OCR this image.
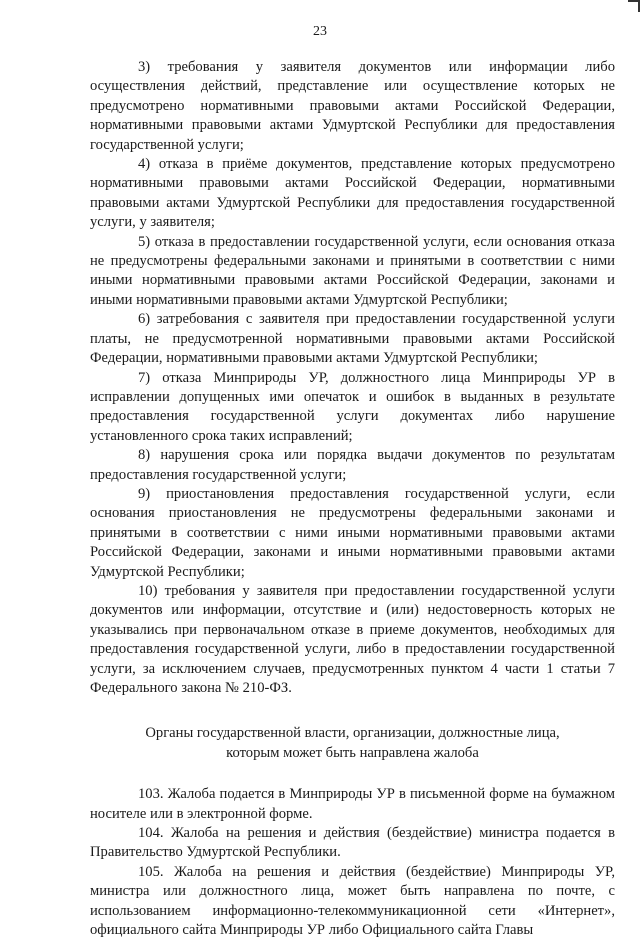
23

3) требования у заявителя документов или информации либо осуществления действий, представление или осуществление которых не предусмотрено нормативными правовыми актами Российской Федерации, нормативными правовыми актами Удмуртской Республики для предоставления государственной услуги;

4) отказа в приёме документов, представление которых предусмотрено нормативными правовыми актами Российской Федерации, нормативными правовыми актами Удмуртской Республики для предоставления государственной услуги, у заявителя;

5) отказа в предоставлении государственной услуги, если основания отказа не предусмотрены федеральными законами и принятыми в соответствии с ними иными нормативными правовыми актами Российской Федерации, законами и иными нормативными правовыми актами Удмуртской Республики;

6) затребования с заявителя при предоставлении государственной услуги платы, не предусмотренной нормативными правовыми актами Российской Федерации, нормативными правовыми актами Удмуртской Республики;

7) отказа Минприроды УР, должностного лица Минприроды УР в исправлении допущенных ими опечаток и ошибок в выданных в результате предоставления государственной услуги документах либо нарушение установленного срока таких исправлений;

8) нарушения срока или порядка выдачи документов по результатам предоставления государственной услуги;

9) приостановления предоставления государственной услуги, если основания приостановления не предусмотрены федеральными законами и принятыми в соответствии с ними иными нормативными правовыми актами Российской Федерации, законами и иными нормативными правовыми актами Удмуртской Республики;

10) требования у заявителя при предоставлении государственной услуги документов или информации, отсутствие и (или) недостоверность которых не указывались при первоначальном отказе в приеме документов, необходимых для предоставления государственной услуги, либо в предоставлении государственной услуги, за исключением случаев, предусмотренных пунктом 4 части 1 статьи 7 Федерального закона № 210-ФЗ.

Органы государственной власти, организации, должностные лица,
которым может быть направлена жалоба

103. Жалоба подается в Минприроды УР в письменной форме на бумажном носителе или в электронной форме.

104. Жалоба на решения и действия (бездействие) министра подается в Правительство Удмуртской Республики.

105. Жалоба на решения и действия (бездействие) Минприроды УР, министра или должностного лица, может быть направлена по почте, с использованием информационно-телекоммуникационной сети «Интернет», официального сайта Минприроды УР либо Официального сайта Главы
